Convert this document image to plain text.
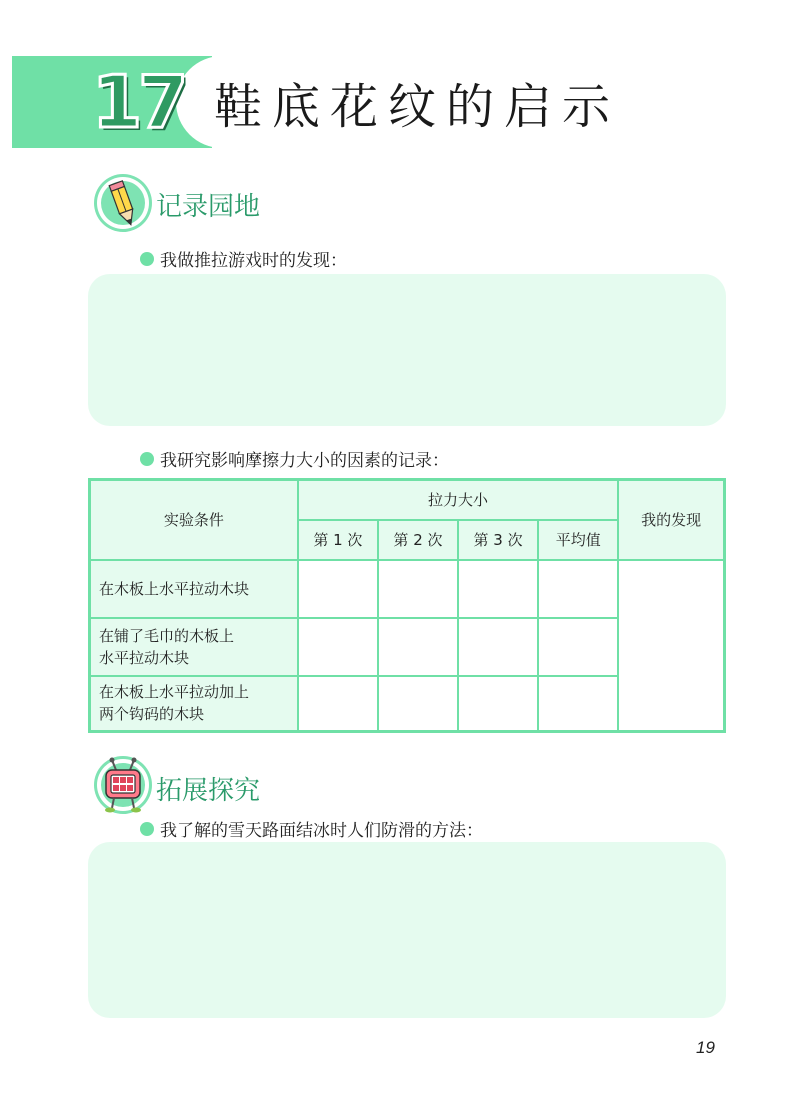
17 鞋底花纹的启示
记录园地
我做推拉游戏时的发现：
我研究影响摩擦力大小的因素的记录：
实验条件	拉力大小				我的发现
	第 1 次	第 2 次	第 3 次	平均值	

在木板上水平拉动木块					

在铺了毛巾的木板上
水平拉动木块					

在木板上水平拉动加上
两个钩码的木块					

拓展探究
我了解的雪天路面结冰时人们防滑的方法：
19
